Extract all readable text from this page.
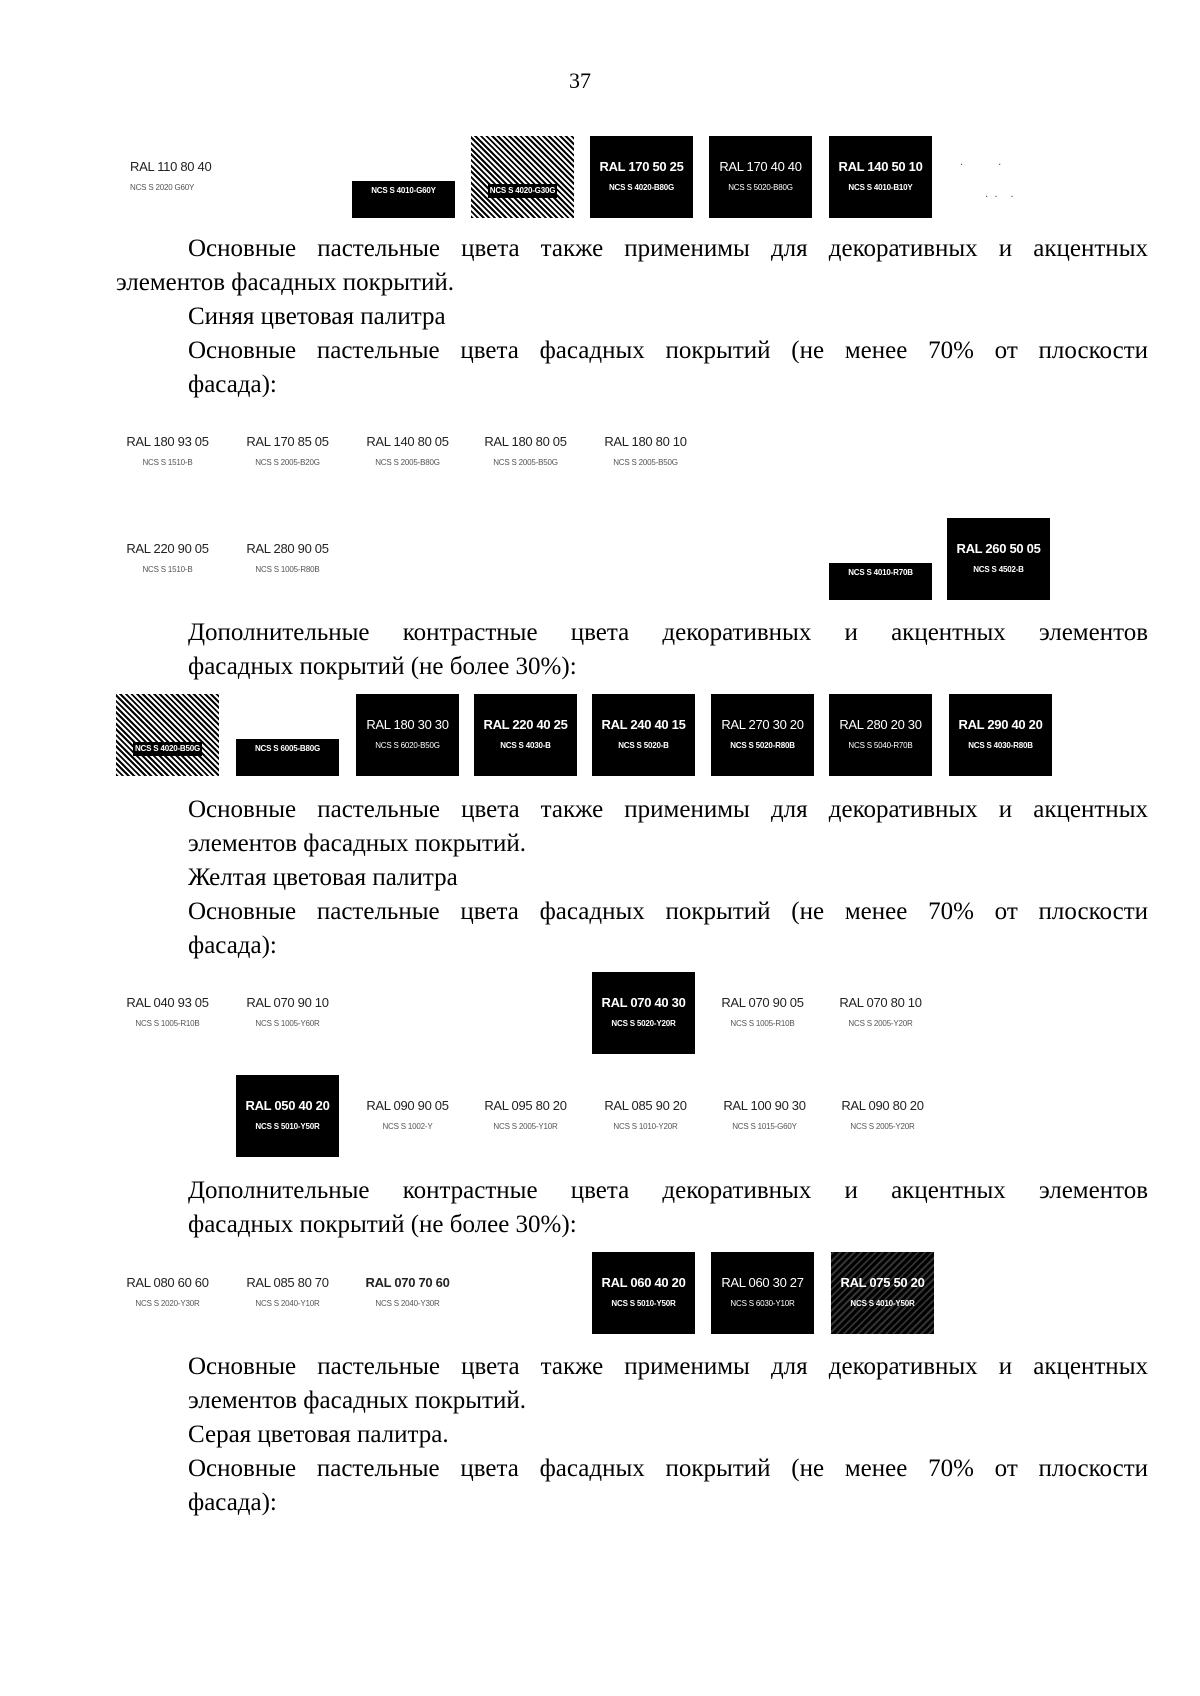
37
RAL 110 80 40
NCS S 2020 G60Y	NCS S 4010-G60Y	NCS S 4020-G30G
RAL 170 50 25
NCS S 4020-B80G
RAL 170 40 40
NCS S 5020-B80G
RAL 140 50 10
NCS S 4010-B10Y
·           ·
·  ·    ·

Основные пастельные цвета также применимы для декоративных и акцентных
элементов фасадных покрытий.

Синяя цветовая палитра

Основные пастельные цвета фасадных покрытий (не менее 70% от плоскости
фасада):

RAL 180 93 05
NCS S 1510-B
RAL 170 85 05
NCS S 2005-B20G
RAL 140 80 05
NCS S 2005-B80G
RAL 180 80 05
NCS S 2005-B50G
RAL 180 80 10
NCS S 2005-B50G
RAL 220 90 05
NCS S 1510-B
RAL 280 90 05
NCS S 1005-R80B	NCS S 4010-R70B
RAL 260 50 05
NCS S 4502-B

Дополнительные контрастные цвета декоративных и акцентных элементов
фасадных покрытий (не более 30%):

NCS S 4020-B50G	NCS S 6005-B80G
RAL 180 30 30
NCS S 6020-B50G
RAL 220 40 25
NCS S 4030-B
RAL 240 40 15
NCS S 5020-B
RAL 270 30 20
NCS S 5020-R80B
RAL 280 20 30
NCS S 5040-R70B
RAL 290 40 20
NCS S 4030-R80B

Основные пастельные цвета также применимы для декоративных и акцентных
элементов фасадных покрытий.

Желтая цветовая палитра

Основные пастельные цвета фасадных покрытий (не менее 70% от плоскости
фасада):

RAL 040 93 05
NCS S 1005-R10B
RAL 070 90 10
NCS S 1005-Y60R
RAL 070 40 30
NCS S 5020-Y20R
RAL 070 90 05
NCS S 1005-R10B
RAL 070 80 10
NCS S 2005-Y20R
RAL 050 40 20
NCS S 5010-Y50R
RAL 090 90 05
NCS S 1002-Y
RAL 095 80 20
NCS S 2005-Y10R
RAL 085 90 20
NCS S 1010-Y20R
RAL 100 90 30
NCS S 1015-G60Y
RAL 090 80 20
NCS S 2005-Y20R

Дополнительные контрастные цвета декоративных и акцентных элементов
фасадных покрытий (не более 30%):

RAL 080 60 60
NCS S 2020-Y30R
RAL 085 80 70
NCS S 2040-Y10R
RAL 070 70 60
NCS S 2040-Y30R
RAL 060 40 20
NCS S 5010-Y50R
RAL 060 30 27
NCS S 6030-Y10R
RAL 075 50 20
NCS S 4010-Y50R

Основные пастельные цвета также применимы для декоративных и акцентных
элементов фасадных покрытий.

Серая цветовая палитра.

Основные пастельные цвета фасадных покрытий (не менее 70% от плоскости
фасада):
